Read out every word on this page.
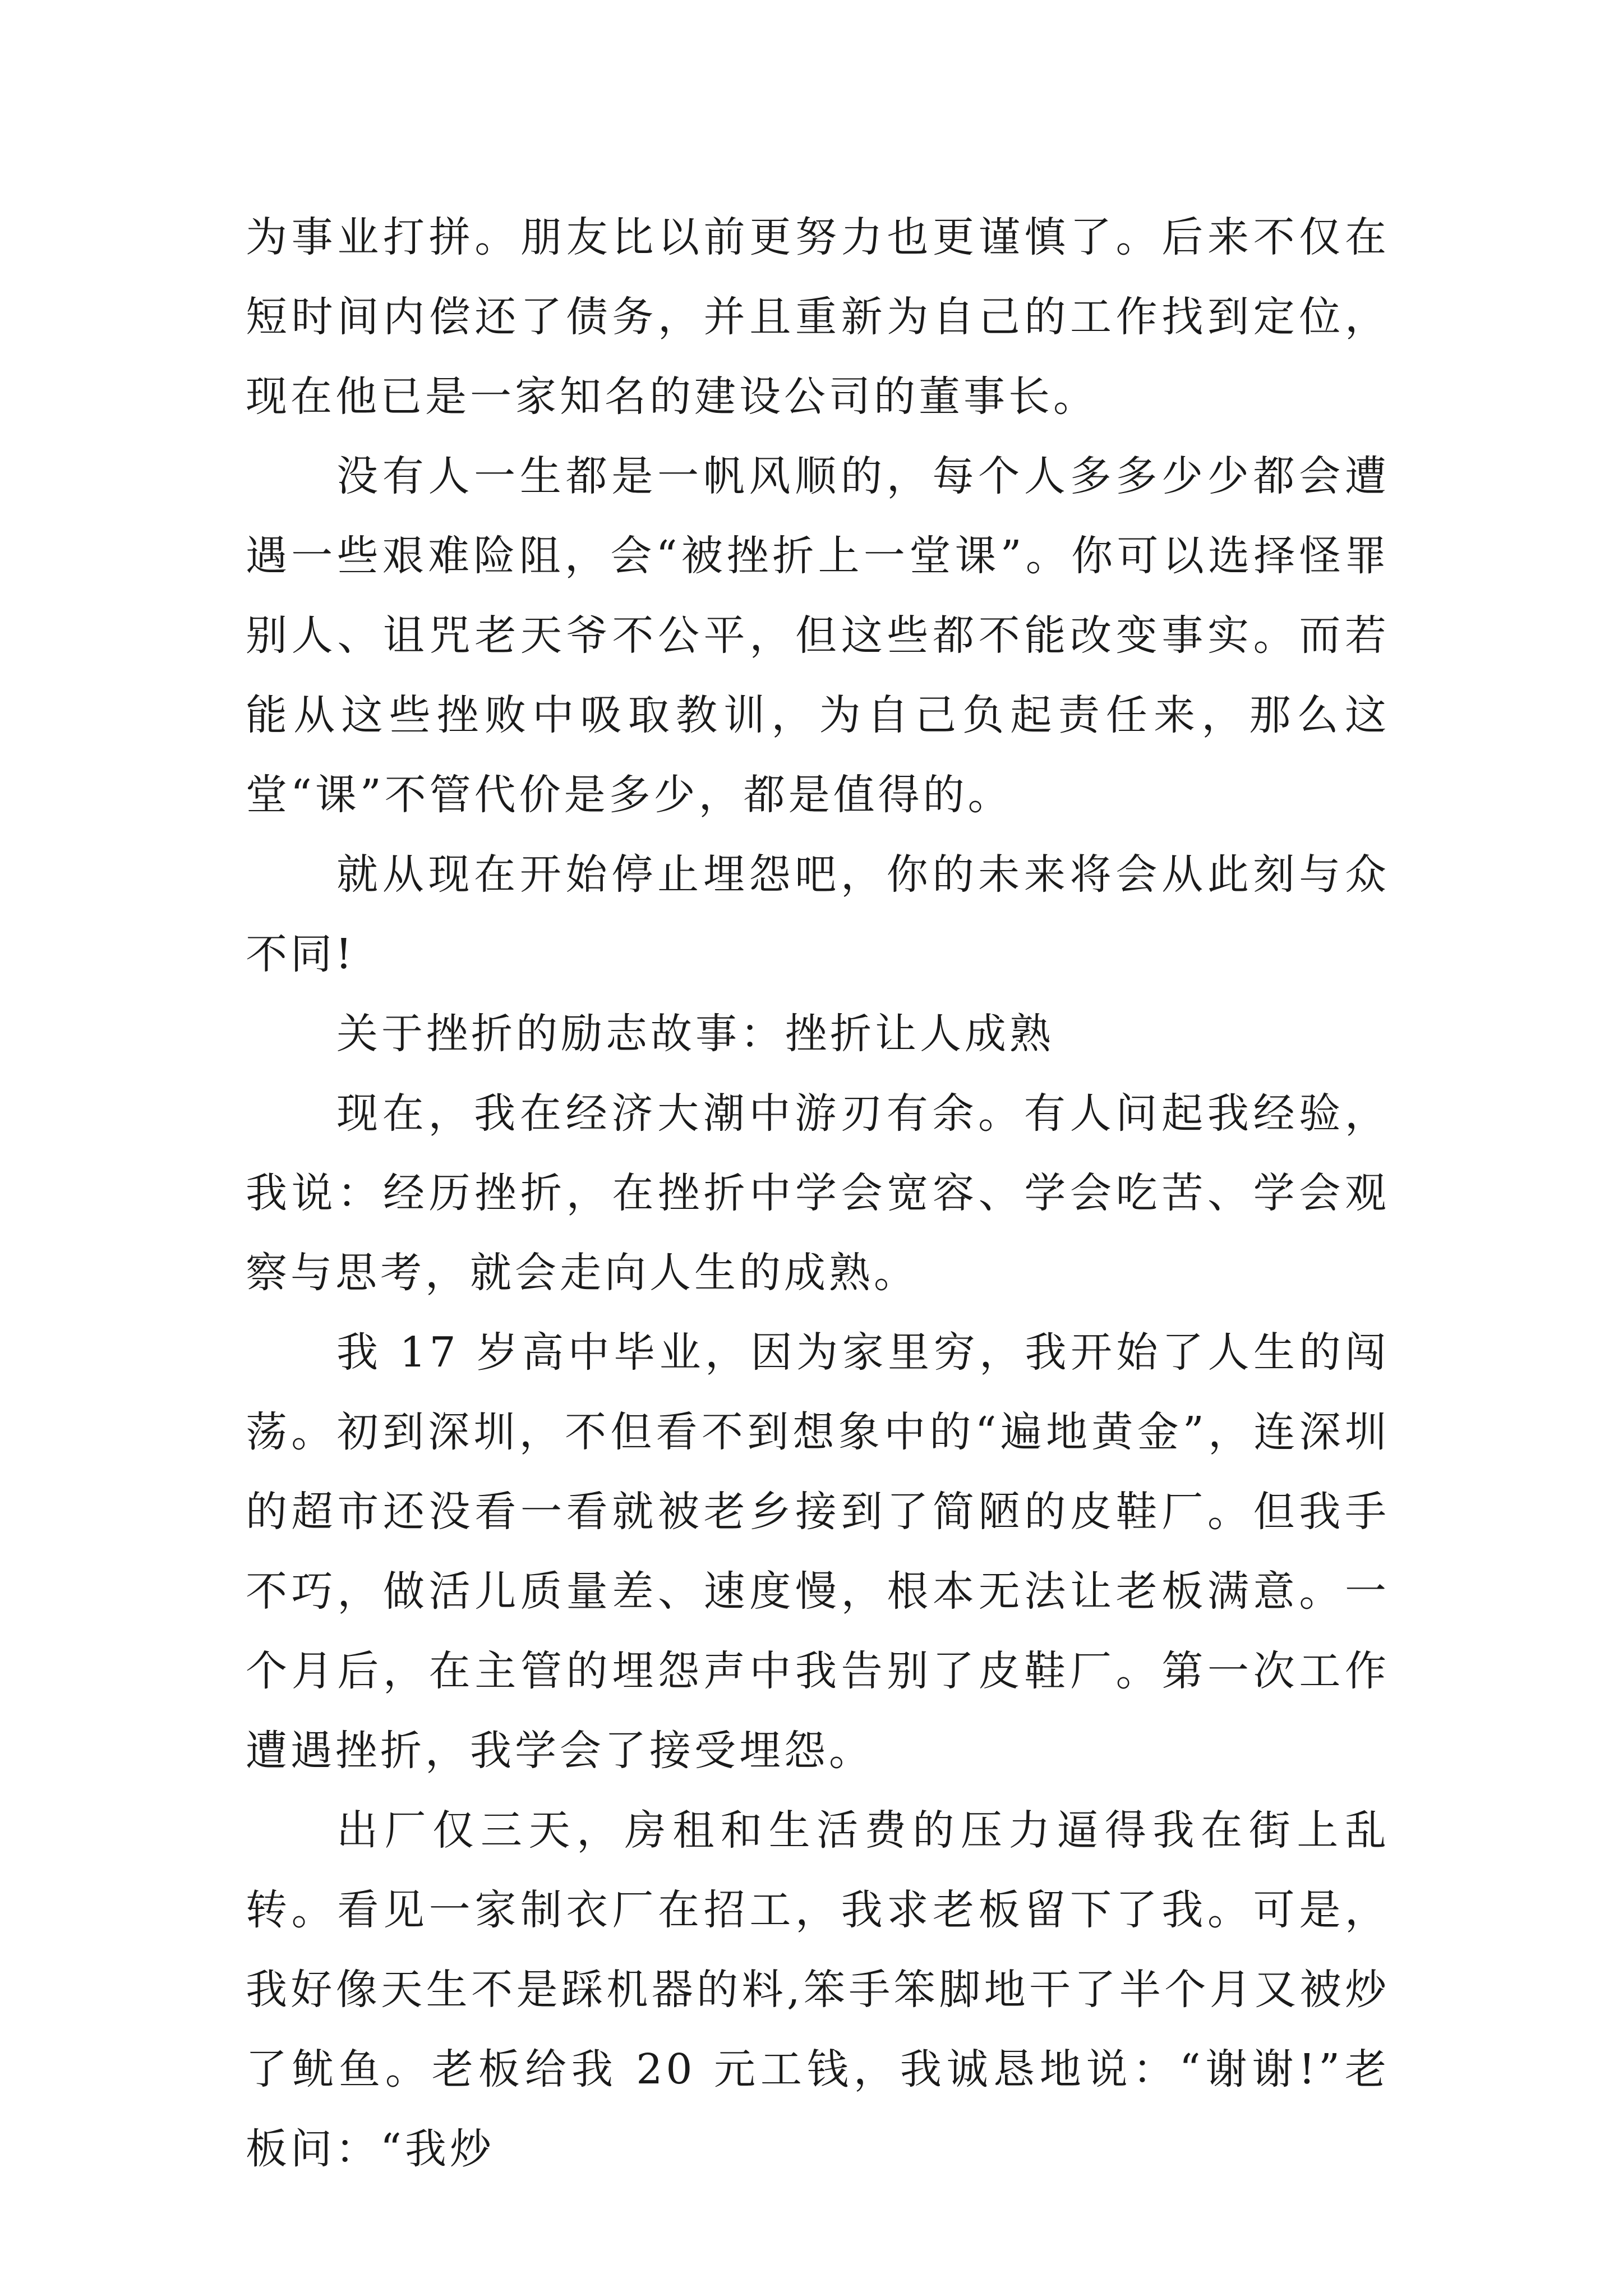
为事业打拼。朋友比以前更努力也更谨慎了。后来不仅在短时间内偿还了债务，并且重新为自己的工作找到定位，现在他已是一家知名的建设公司的董事长。

没有人一生都是一帆风顺的，每个人多多少少都会遭遇一些艰难险阻，会“被挫折上一堂课”。你可以选择怪罪别人、诅咒老天爷不公平，但这些都不能改变事实。而若能从这些挫败中吸取教训，为自己负起责任来，那么这堂“课”不管代价是多少，都是值得的。

就从现在开始停止埋怨吧，你的未来将会从此刻与众不同!

关于挫折的励志故事：挫折让人成熟

现在，我在经济大潮中游刃有余。有人问起我经验，我说：经历挫折，在挫折中学会宽容、学会吃苦、学会观察与思考，就会走向人生的成熟。

我 17 岁高中毕业，因为家里穷，我开始了人生的闯荡。初到深圳，不但看不到想象中的“遍地黄金”，连深圳的超市还没看一看就被老乡接到了简陋的皮鞋厂。但我手不巧，做活儿质量差、速度慢，根本无法让老板满意。一个月后，在主管的埋怨声中我告别了皮鞋厂。第一次工作遭遇挫折，我学会了接受埋怨。

出厂仅三天，房租和生活费的压力逼得我在街上乱转。看见一家制衣厂在招工，我求老板留下了我。可是，我好像天生不是踩机器的料,笨手笨脚地干了半个月又被炒了鱿鱼。老板给我 20 元工钱，我诚恳地说：“谢谢!”老板问：“我炒
